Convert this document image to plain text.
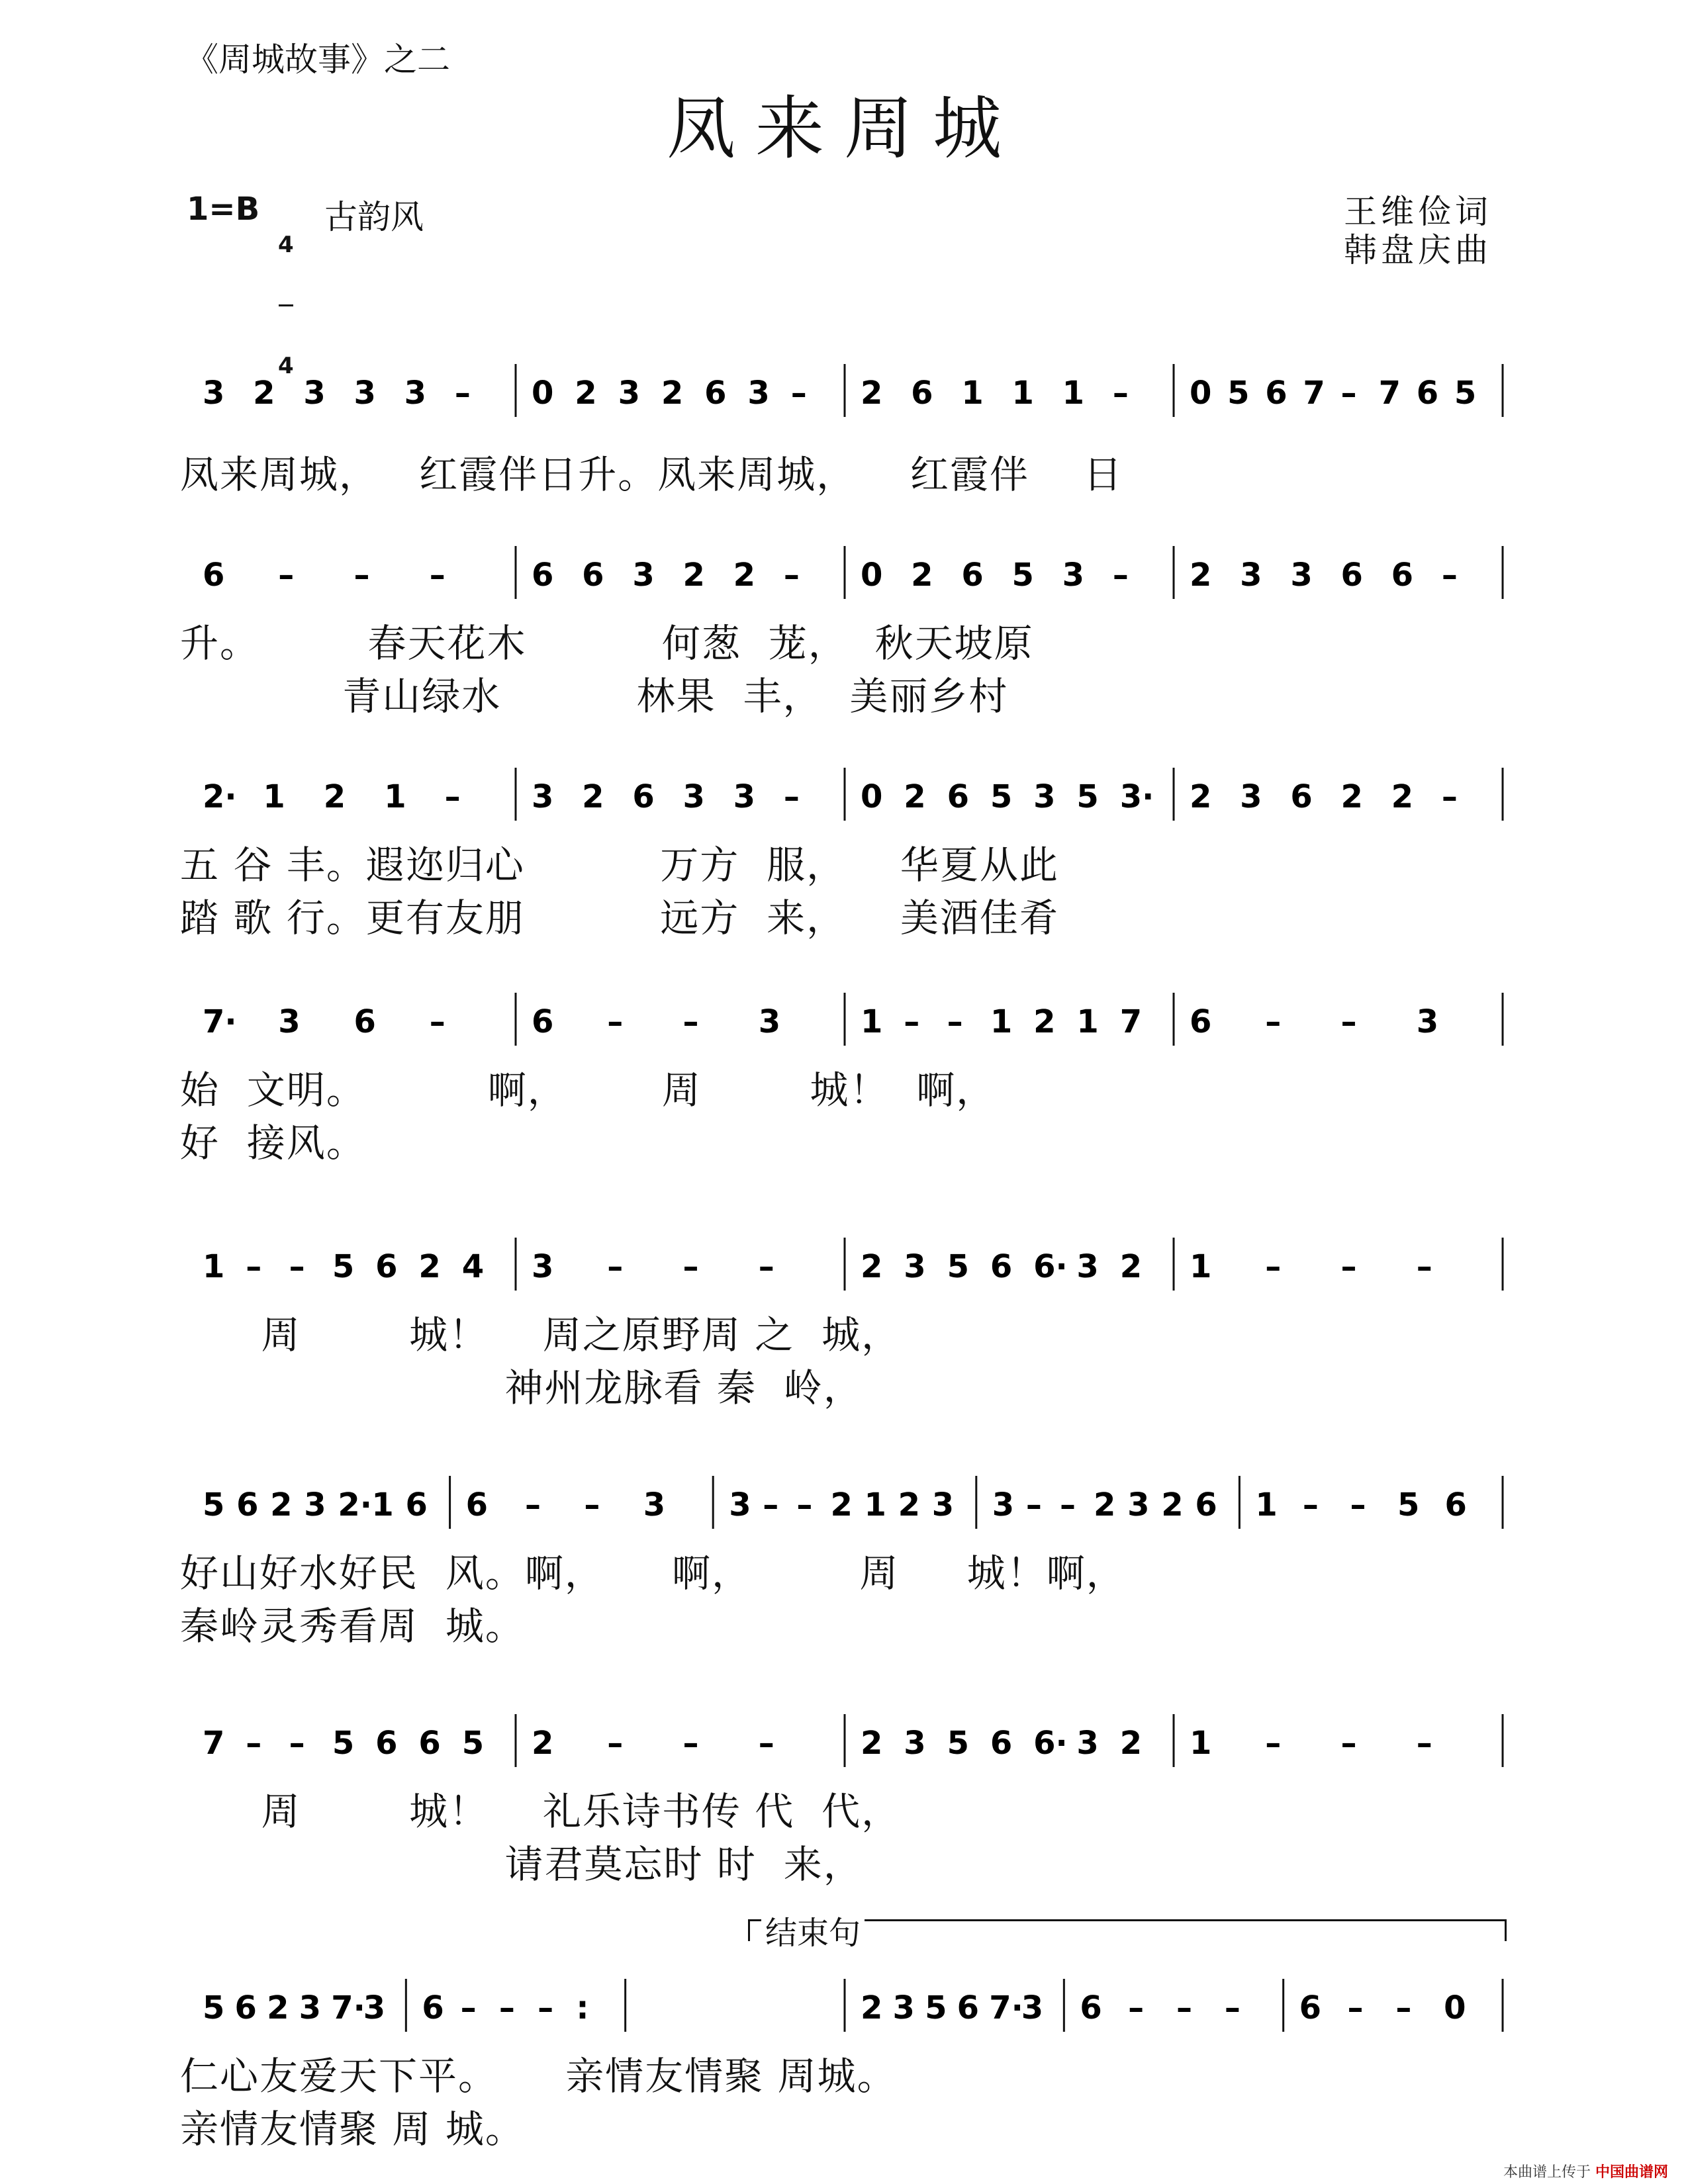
《周城故事》之二
凤来周城
1=B

4

4

古韵风	王维俭词
韩盘庆曲
3 2 3 3 3 – 0 2 3 2 6 3 – 2 6 1 1 1 – 0 5 6 7 – 7 6 5
凤来周城，   红霞伴日升。凤来周城，    红霞伴    日
6 – – –	6 6 3 2 2 – 0 2 6 5 3 – 2 3 3 6 6 –
升。        春天花木          何葱  茏，  秋天坡原
青山绿水          林果  丰，  美丽乡村
2· 1 2 1 – 3 2 6 3 3 – 0 2 6 5 3 5 3· 2 3 6 2 2 –
五 谷 丰。遐迩归心          万方  服，    华夏从此
踏 歌 行。更有友朋          远方  来，    美酒佳肴
7· 3 6 –	6 – – 3	1 – – 1 2 1 7 6 – – 3
始  文明。         啊，       周        城！  啊，
好  接风。
1 – – 5 6 2 4 3 – – –	2 3 5 6 6· 3 2 1 – – –
周        城！    周之原野周 之  城，
神州龙脉看 秦  岭，
5 6 2 3 2· 1 6 6 – – 3 3 – – 2 1 2 3 3 – – 2 3 2 6 1 – – 5 6
好山好水好民  风。啊，     啊，        周     城！啊，
秦岭灵秀看周  城。
7 – – 5 6 6 5 2 – – –	2 3 5 6 6· 3 2 1 – – –
周        城！    礼乐诗书传 代  代，
请君莫忘时 时  来，
结束句
5 6 2 3 7·
3 6 – – – :	2 3 5 6 7·
3 6 – – – 6 – – 0
仁心友爱天下平。     亲情友情聚 周城。
亲情友情聚 周 城。
本曲谱上传于 中国曲谱网
